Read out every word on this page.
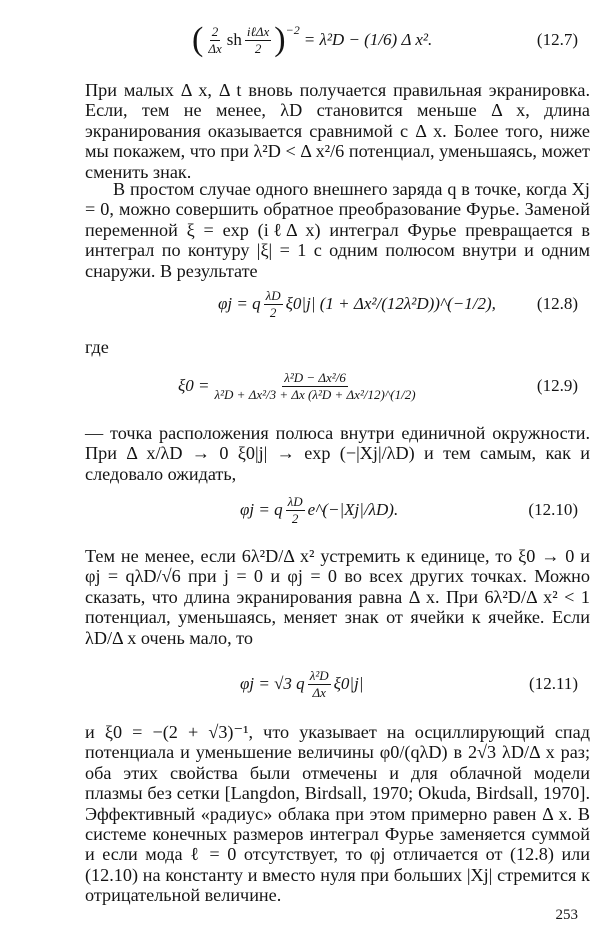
( $\frac{2}{\Delta x}$ sh $\frac{\text{iℓΔx}}{2}$ ) −2
= λ²D − (1/6) Δ x².	(12.7)
При малых Δ x, Δ t вновь получается правильная экранировка. Если, тем не менее, λD становится меньше Δ x, длина экранирования оказывается сравнимой с Δ x. Более того, ниже мы покажем, что при λ²D < Δ x²/6 потенциал, уменьшаясь, может сменить знак.
В простом случае одного внешнего заряда q в точке, когда Xj = 0, можно совершить обратное преобразование Фурье. Заменой переменной ξ = exp (iℓΔ x) интеграл Фурье превращается в интеграл по контуру |ξ| = 1 с одним полюсом внутри и одним снаружи. В результате
φj = q $\frac{\lambda D}{2} \xi 0|j|$ (1 + Δx²/(12λ²D))^(−1/2), (12.8)
где
$\xi 0 = \frac{\text{λ²D − Δx²/6}}{\text{λ²D + Δx²/3 + Δx (λ²D + Δx²/12)\textasciicircum{}(1/2)}}$	(12.9)
— точка расположения полюса внутри единичной окружности. При Δ x/λD → 0 ξ0|j| → exp (−|Xj|/λD) и тем самым, как и следовало ожидать,
φj = q $\frac{\lambda D}{2}$ e^(−|Xj|/λD).	(12.10)
Тем не менее, если 6λ²D/Δ x² устремить к единице, то ξ0 → 0 и φj = qλD/√6 при j = 0 и φj = 0 во всех других точках. Можно сказать, что длина экранирования равна Δ x. При 6λ²D/Δ x² < 1 потенциал, уменьшаясь, меняет знак от ячейки к ячейке. Если λD/Δ x очень мало, то
φj = √3 q $\frac{\text{λ²D}}{\Delta x} \xi 0|j|$	(12.11)
и ξ0 = −(2 + √3)⁻¹, что указывает на осциллирующий спад потенциала и уменьшение величины φ0/(qλD) в 2√3 λD/Δ x раз; оба этих свойства были отмечены и для облачной модели плазмы без сетки [Langdon, Birdsall, 1970; Okuda, Birdsall, 1970]. Эффективный «радиус» облака при этом примерно равен Δ x. В системе конечных размеров интеграл Фурье заменяется суммой и если мода ℓ = 0 отсутствует, то φj отличается от (12.8) или (12.10) на константу и вместо нуля при больших |Xj| стремится к отрицательной величине.
253
